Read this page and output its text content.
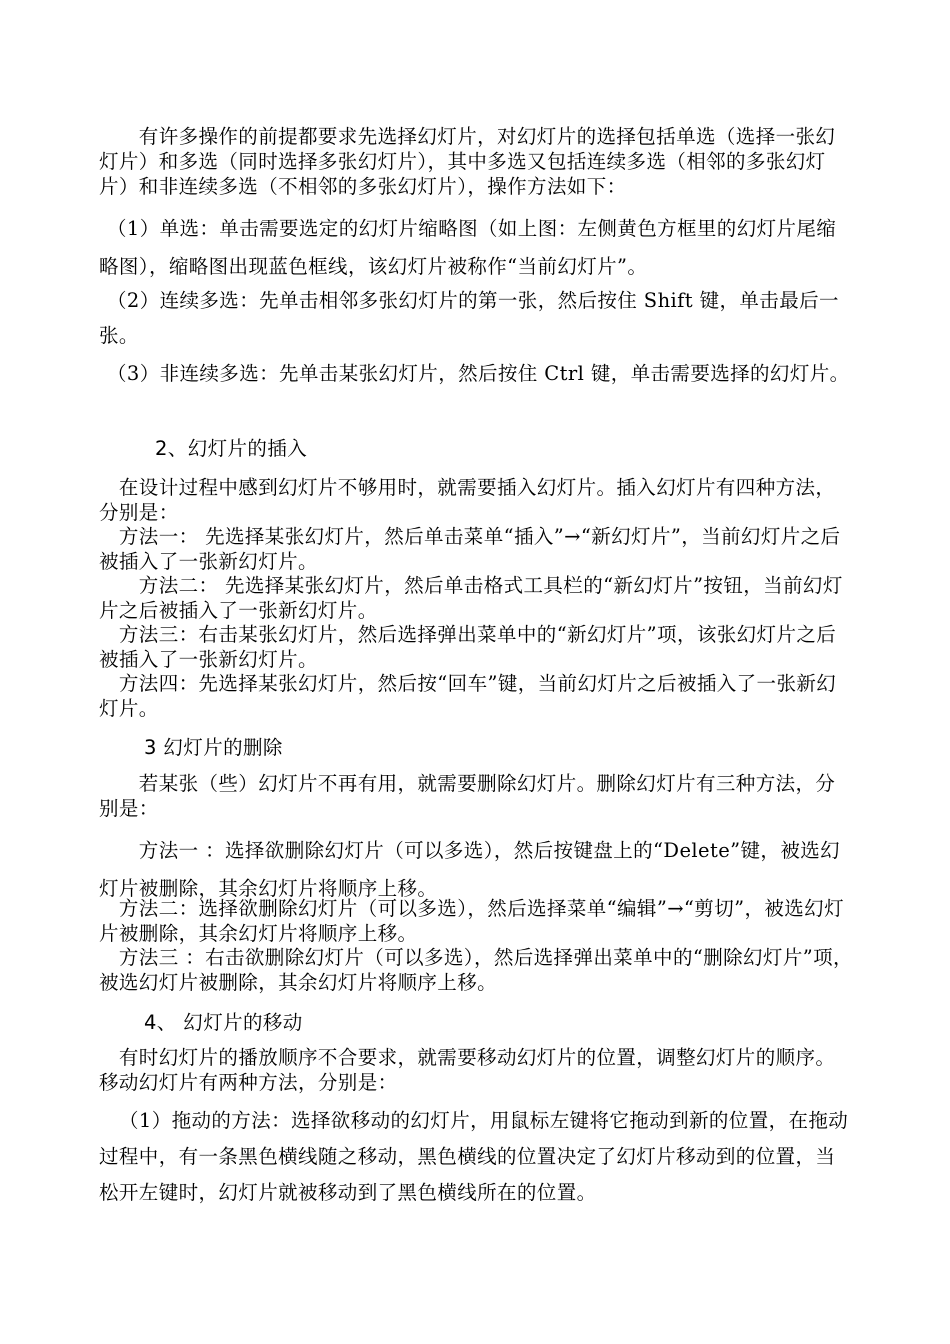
　　有许多操作的前提都要求先选择幻灯片，对幻灯片的选择包括单选（选择一张幻灯片）和多选（同时选择多张幻灯片），其中多选又包括连续多选（相邻的多张幻灯片）和非连续多选（不相邻的多张幻灯片），操作方法如下：

（1）单选：单击需要选定的幻灯片缩略图（如上图：左侧黄色方框里的幻灯片尾缩略图），缩略图出现蓝色框线，该幻灯片被称作“当前幻灯片”。

（2）连续多选：先单击相邻多张幻灯片的第一张，然后按住 Shift 键，单击最后一张。

（3）非连续多选：先单击某张幻灯片，然后按住 Ctrl 键，单击需要选择的幻灯片。

2、幻灯片的插入

　在设计过程中感到幻灯片不够用时，就需要插入幻灯片。插入幻灯片有四种方法，分别是：

　方法一： 先选择某张幻灯片，然后单击菜单“插入”→“新幻灯片”，当前幻灯片之后被插入了一张新幻灯片。

　　方法二： 先选择某张幻灯片，然后单击格式工具栏的“新幻灯片”按钮，当前幻灯片之后被插入了一张新幻灯片。

　方法三：右击某张幻灯片，然后选择弹出菜单中的“新幻灯片”项，该张幻灯片之后被插入了一张新幻灯片。

　方法四：先选择某张幻灯片，然后按“回车”键，当前幻灯片之后被插入了一张新幻灯片。

3 幻灯片的删除

　　若某张（些）幻灯片不再有用，就需要删除幻灯片。删除幻灯片有三种方法，分别是：

　　方法一 ：选择欲删除幻灯片（可以多选），然后按键盘上的“Delete”键，被选幻灯片被删除，其余幻灯片将顺序上移。

　方法二：选择欲删除幻灯片（可以多选），然后选择菜单“编辑”→“剪切”，被选幻灯片被删除，其余幻灯片将顺序上移。

　方法三 ：右击欲删除幻灯片（可以多选），然后选择弹出菜单中的“删除幻灯片”项，被选幻灯片被删除，其余幻灯片将顺序上移。

4、 幻灯片的移动

　有时幻灯片的播放顺序不合要求，就需要移动幻灯片的位置，调整幻灯片的顺序。移动幻灯片有两种方法，分别是：

（1）拖动的方法：选择欲移动的幻灯片，用鼠标左键将它拖动到新的位置，在拖动过程中，有一条黑色横线随之移动，黑色横线的位置决定了幻灯片移动到的位置，当松开左键时，幻灯片就被移动到了黑色横线所在的位置。
